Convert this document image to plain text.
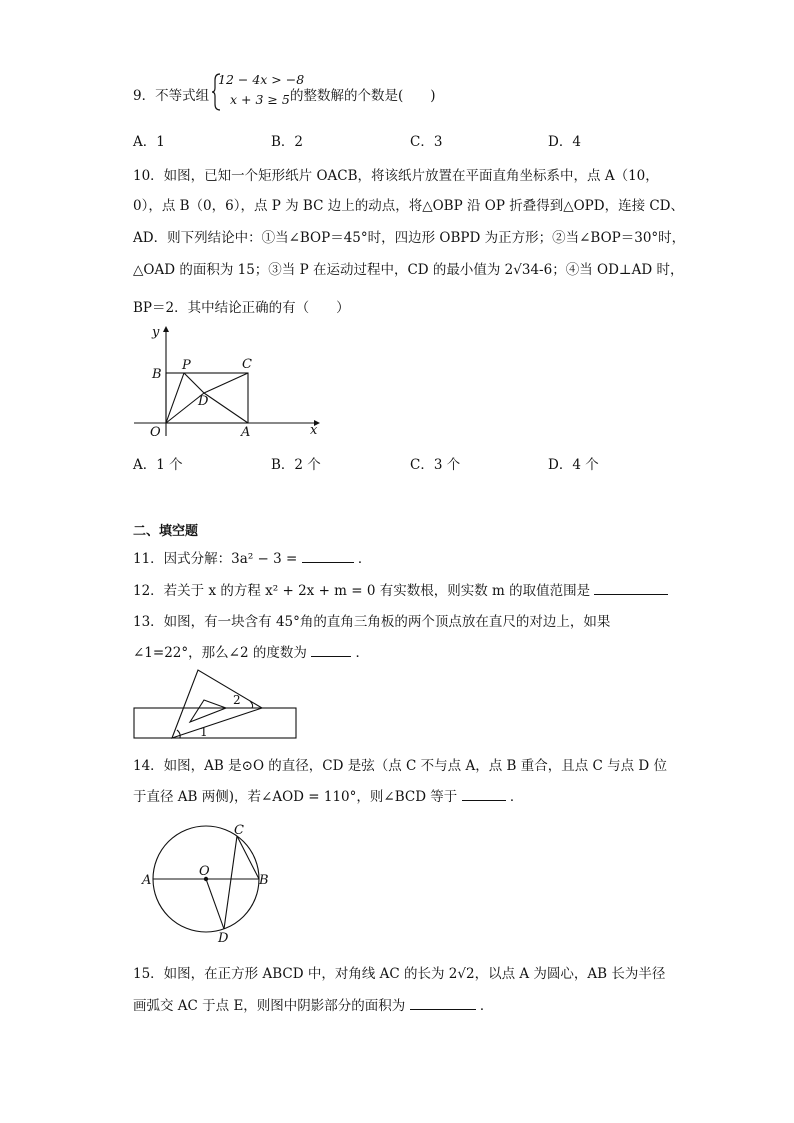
9．不等式组
12 − 4x > −8
x + 3 ≥ 5 的整数解的个数是(　　)
A．1	B．2	C．3	D．4
10．如图，已知一个矩形纸片 OACB，将该纸片放置在平面直角坐标系中，点 A（10，
0），点 B（0，6），点 P 为 BC 边上的动点，将△OBP 沿 OP 折叠得到△OPD，连接 CD、
AD．则下列结论中：①当∠BOP＝45°时，四边形 OBPD 为正方形；②当∠BOP＝30°时，
△OAD 的面积为 15；③当 P 在运动过程中，CD 的最小值为 2√34-6；④当 OD⊥AD 时，
BP＝2．其中结论正确的有（　　）
y
x
O	A
B
C
P
D
A．1 个	B．2 个	C．3 个	D．4 个
二、填空题
11．因式分解：3a² − 3 =	．
12．若关于 x 的方程 x² + 2x + m = 0 有实数根，则实数 m 的取值范围是
13．如图，有一块含有 45°角的直角三角板的两个顶点放在直尺的对边上，如果
∠1=22°，那么∠2 的度数为	．
1
2
14．如图，AB 是⊙O 的直径，CD 是弦（点 C 不与点 A，点 B 重合，且点 C 与点 D 位
于直径 AB 两侧)，若∠AOD = 110°，则∠BCD 等于	．
A	B
C
D
O
15．如图，在正方形 ABCD 中，对角线 AC 的长为 2√2，以点 A 为圆心，AB 长为半径
画弧交 AC 于点 E，则图中阴影部分的面积为	．
